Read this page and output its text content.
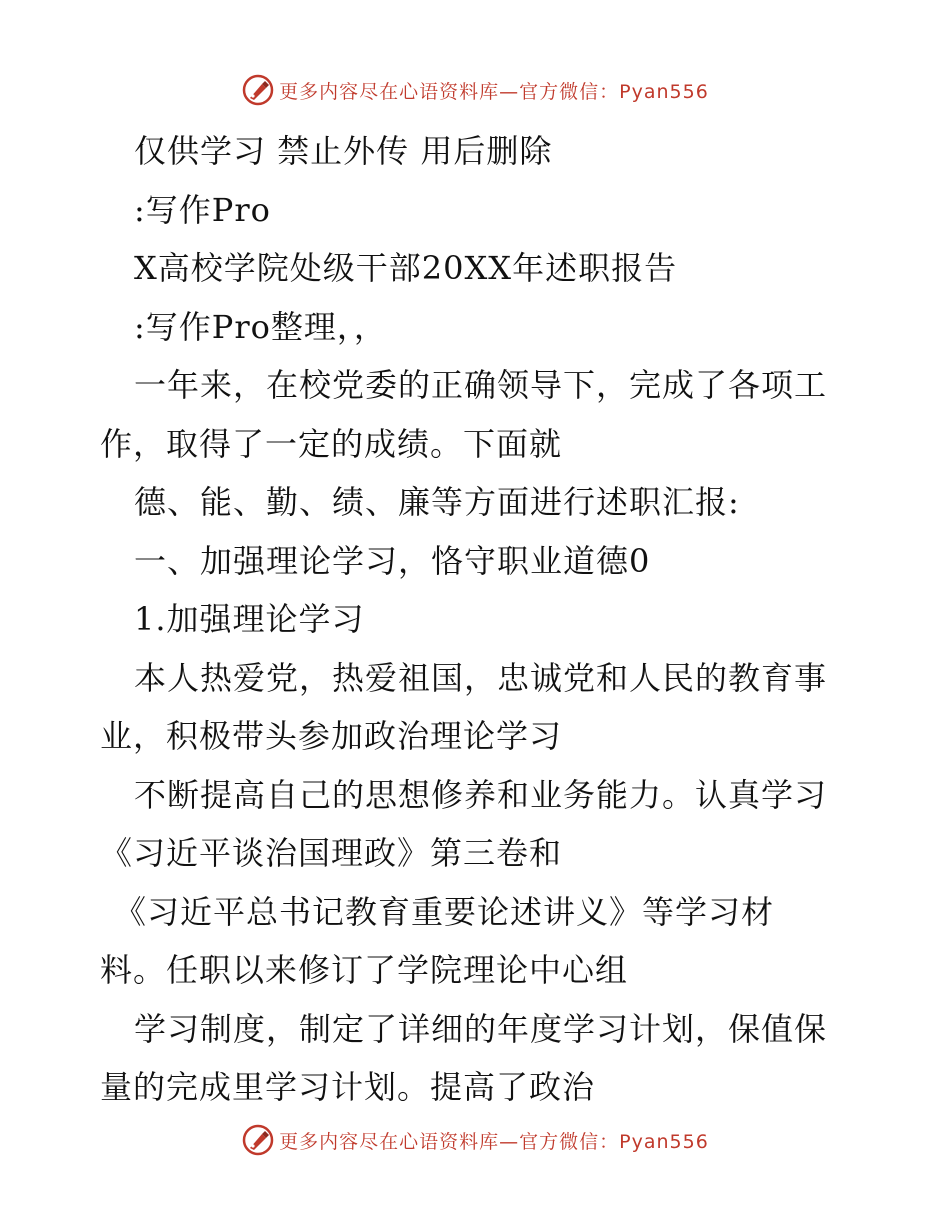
更多内容尽在心语资料库—官方微信：Pyan556
仅供学习 禁止外传 用后删除
:写作Pro
X高校学院处级干部20XX年述职报告
:写作Pro整理，，
一年来，在校党委的正确领导下，完成了各项工
作，取得了一定的成绩。下面就
德、能、勤、绩、廉等方面进行述职汇报:
一、加强理论学习，恪守职业道德0
1.加强理论学习
本人热爱党，热爱祖国，忠诚党和人民的教育事
业，积极带头参加政治理论学习
不断提高自己的思想修养和业务能力。认真学习
《习近平谈治国理政》第三卷和
《习近平总书记教育重要论述讲义》等学习材
料。任职以来修订了学院理论中心组
学习制度，制定了详细的年度学习计划，保值保
量的完成里学习计划。提高了政治
更多内容尽在心语资料库—官方微信：Pyan556
